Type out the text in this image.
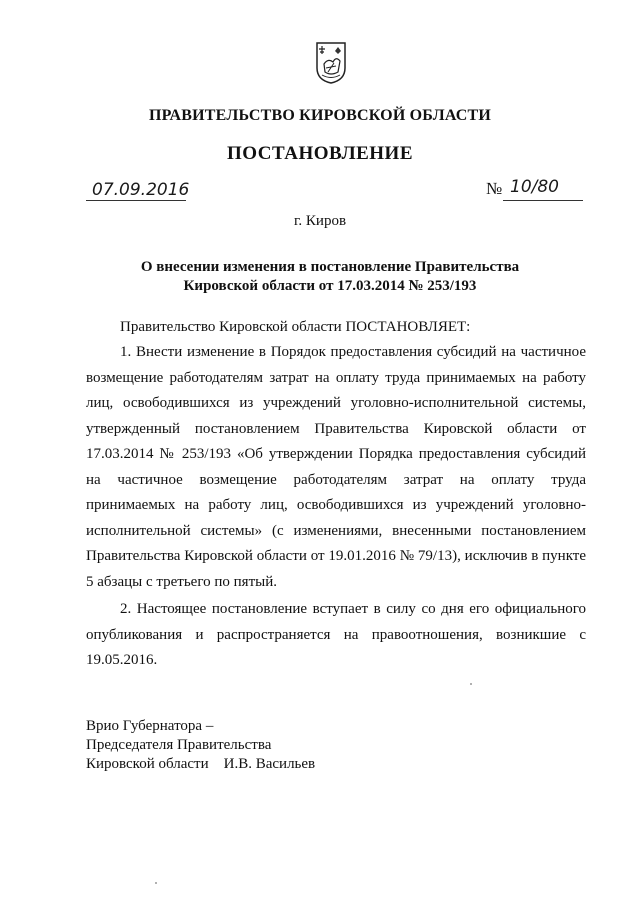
ПРАВИТЕЛЬСТВО КИРОВСКОЙ ОБЛАСТИ
ПОСТАНОВЛЕНИЕ
07.09.2016	№ 10/80
г. Киров
О внесении изменения в постановление Правительства
Кировской области от 17.03.2014 № 253/193
Правительство Кировской области ПОСТАНОВЛЯЕТ:
1. Внести изменение в Порядок предоставления субсидий на частичное возмещение работодателям затрат на оплату труда принимаемых на работу лиц, освободившихся из учреждений уголовно-исполнительной системы, утвержденный постановлением Правительства Кировской области от 17.03.2014 № 253/193 «Об утверждении Порядка предоставления субсидий на частичное возмещение работодателям затрат на оплату труда принимаемых на работу лиц, освободившихся из учреждений уголовно-исполнительной системы» (с изменениями, внесенными постановлением Правительства Кировской области от 19.01.2016 № 79/13), исключив в пункте 5 абзацы с третьего по пятый.
2. Настоящее постановление вступает в силу со дня его официального опубликования и распространяется на правоотношения, возникшие с 19.05.2016.
Врио Губернатора –
Председателя Правительства
Кировской области    И.В. Васильев
